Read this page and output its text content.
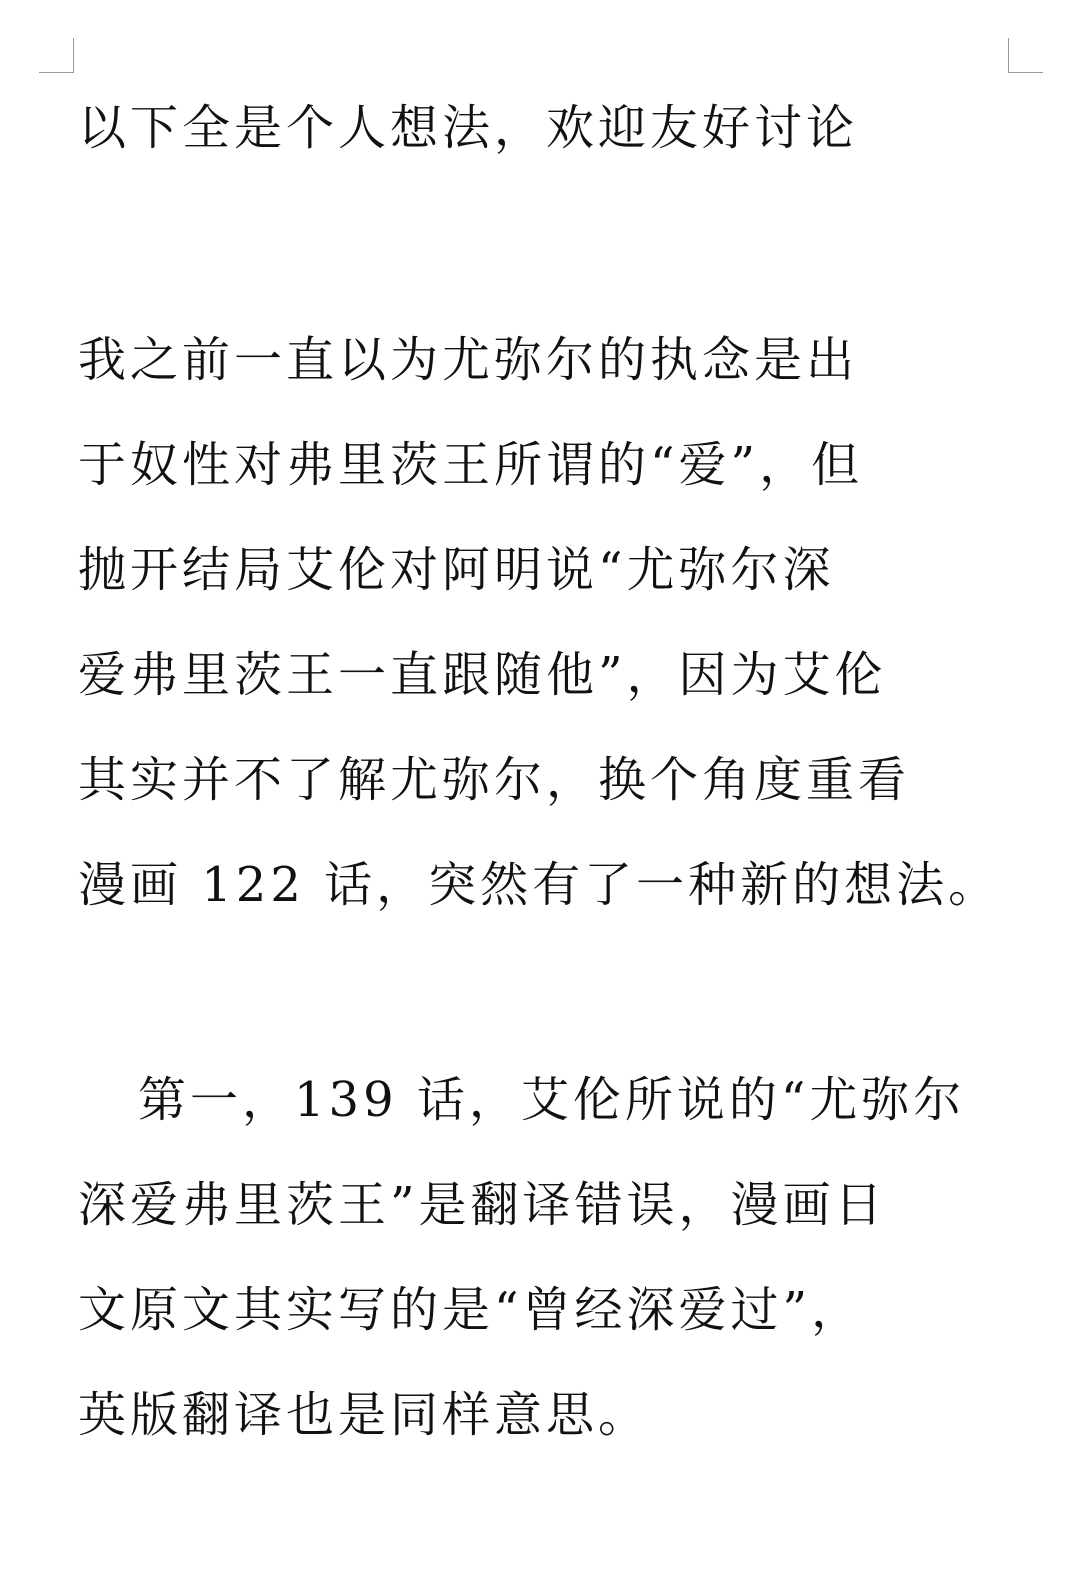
以下全是个人想法，欢迎友好讨论
我之前一直以为尤弥尔的执念是出
于奴性对弗里茨王所谓的“爱”，但
抛开结局艾伦对阿明说“尤弥尔深
爱弗里茨王一直跟随他”，因为艾伦
其实并不了解尤弥尔，换个角度重看
漫画 122 话，突然有了一种新的想法。
第一，139 话，艾伦所说的“尤弥尔
深爱弗里茨王”是翻译错误，漫画日
文原文其实写的是“曾经深爱过”，
英版翻译也是同样意思。
